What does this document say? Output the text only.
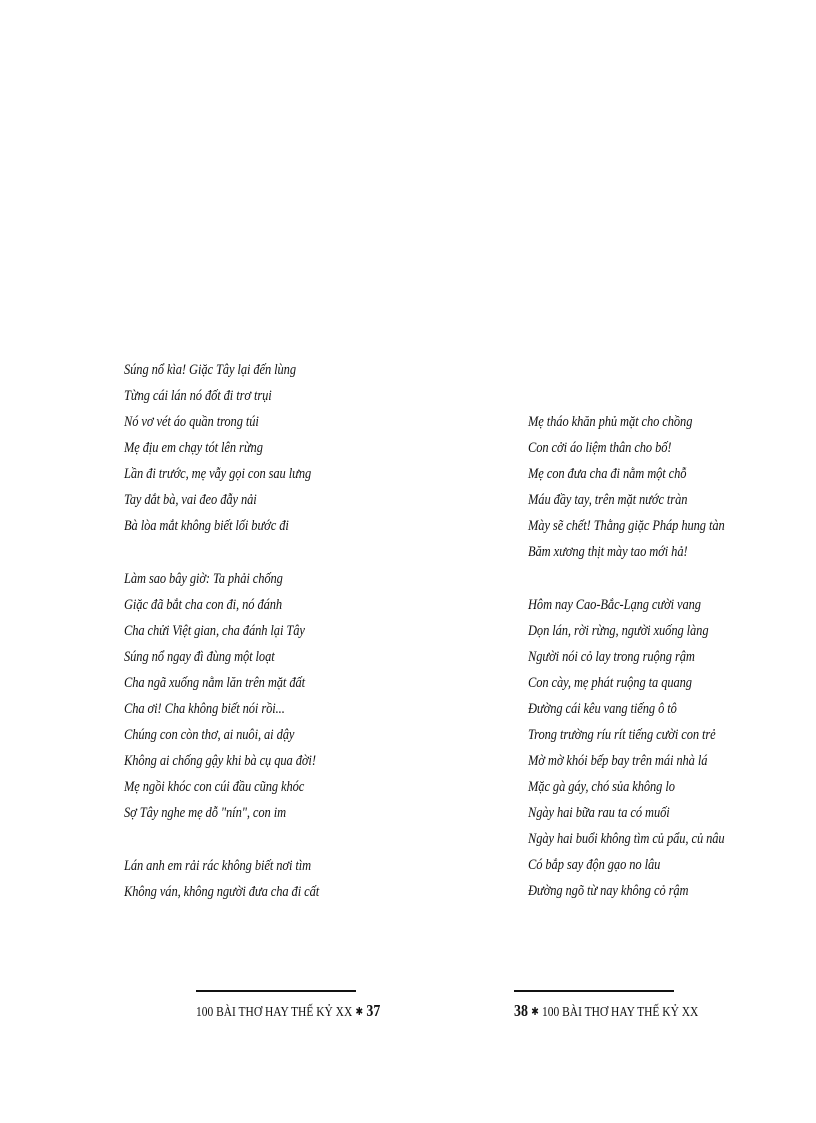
Súng nổ kìa! Giặc Tây lại đến lùng
Từng cái lán nó đốt đi trơ trụi
Nó vơ vét áo quần trong túi
Mẹ địu em chạy tót lên rừng
Lần đi trước, mẹ vẫy gọi con sau lưng
Tay dắt bà, vai đeo đẫy nải
Bà lòa mắt không biết lối bước đi
Làm sao bây giờ: Ta phải chống
Giặc đã bắt cha con đi, nó đánh
Cha chửi Việt gian, cha đánh lại Tây
Súng nổ ngay đì đùng một loạt
Cha ngã xuống nằm lăn trên mặt đất
Cha ơi! Cha không biết nói rồi...
Chúng con còn thơ, ai nuôi, ai dậy
Không ai chống gậy khi bà cụ qua đời!
Mẹ ngồi khóc con cúi đầu cũng khóc
Sợ Tây nghe mẹ dỗ "nín", con im
Lán anh em rải rác không biết nơi tìm
Không ván, không người đưa cha đi cất
Mẹ tháo khăn phủ mặt cho chồng
Con cởi áo liệm thân cho bố!
Mẹ con đưa cha đi nằm một chỗ
Máu đầy tay, trên mặt nước tràn
Mày sẽ chết! Thằng giặc Pháp hung tàn
Băm xương thịt mày tao mới hả!
Hôm nay Cao-Bắc-Lạng cười vang
Dọn lán, rời rừng, người xuống làng
Người nói cỏ lay trong ruộng rậm
Con cày, mẹ phát ruộng ta quang
Đường cái kêu vang tiếng ô tô
Trong trường ríu rít tiếng cười con trẻ
Mờ mờ khói bếp bay trên mái nhà lá
Mặc gà gáy, chó sủa không lo
Ngày hai bữa rau ta có muối
Ngày hai buổi không tìm củ pẩu, củ nâu
Có bắp say độn gạo no lâu
Đường ngõ từ nay không cỏ rậm
100 BÀI THƠ HAY THẾ KỶ XX ✱ 37	38 ✱ 100 BÀI THƠ HAY THẾ KỶ XX
